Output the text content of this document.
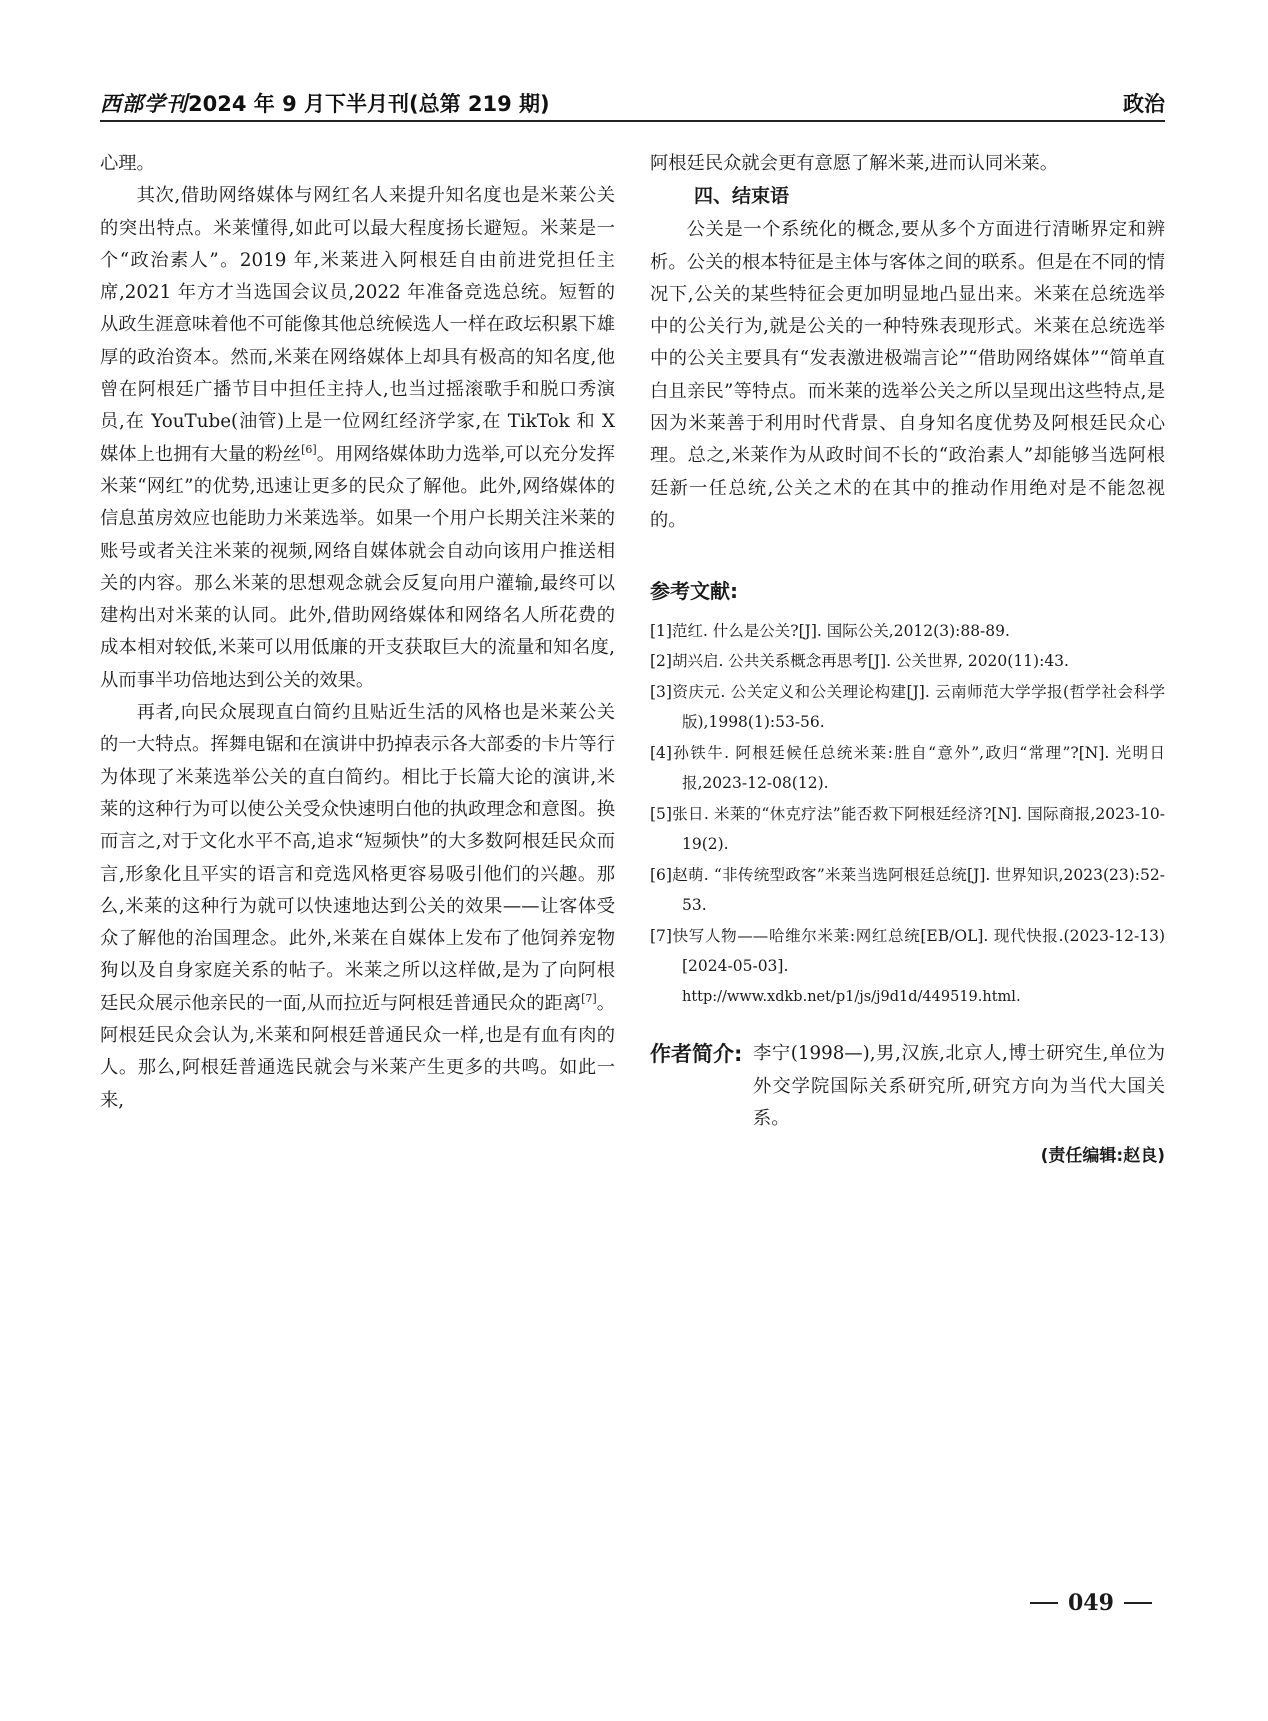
西部学刊 2024 年 9 月下半月刊(总第 219 期)	政治

心理。

其次,借助网络媒体与网红名人来提升知名度也是米莱公关的突出特点。米莱懂得,如此可以最大程度扬长避短。米莱是一个“政治素人”。2019 年,米莱进入阿根廷自由前进党担任主席,2021 年方才当选国会议员,2022 年准备竞选总统。短暂的从政生涯意味着他不可能像其他总统候选人一样在政坛积累下雄厚的政治资本。然而,米莱在网络媒体上却具有极高的知名度,他曾在阿根廷广播节目中担任主持人,也当过摇滚歌手和脱口秀演员,在 YouTube(油管)上是一位网红经济学家,在 TikTok 和 X 媒体上也拥有大量的粉丝[6]。用网络媒体助力选举,可以充分发挥米莱“网红”的优势,迅速让更多的民众了解他。此外,网络媒体的信息茧房效应也能助力米莱选举。如果一个用户长期关注米莱的账号或者关注米莱的视频,网络自媒体就会自动向该用户推送相关的内容。那么米莱的思想观念就会反复向用户灌输,最终可以建构出对米莱的认同。此外,借助网络媒体和网络名人所花费的成本相对较低,米莱可以用低廉的开支获取巨大的流量和知名度,从而事半功倍地达到公关的效果。

再者,向民众展现直白简约且贴近生活的风格也是米莱公关的一大特点。挥舞电锯和在演讲中扔掉表示各大部委的卡片等行为体现了米莱选举公关的直白简约。相比于长篇大论的演讲,米莱的这种行为可以使公关受众快速明白他的执政理念和意图。换而言之,对于文化水平不高,追求“短频快”的大多数阿根廷民众而言,形象化且平实的语言和竞选风格更容易吸引他们的兴趣。那么,米莱的这种行为就可以快速地达到公关的效果——让客体受众了解他的治国理念。此外,米莱在自媒体上发布了他饲养宠物狗以及自身家庭关系的帖子。米莱之所以这样做,是为了向阿根廷民众展示他亲民的一面,从而拉近与阿根廷普通民众的距离[7]。阿根廷民众会认为,米莱和阿根廷普通民众一样,也是有血有肉的人。那么,阿根廷普通选民就会与米莱产生更多的共鸣。如此一来,

阿根廷民众就会更有意愿了解米莱,进而认同米莱。

四、结束语

公关是一个系统化的概念,要从多个方面进行清晰界定和辨析。公关的根本特征是主体与客体之间的联系。但是在不同的情况下,公关的某些特征会更加明显地凸显出来。米莱在总统选举中的公关行为,就是公关的一种特殊表现形式。米莱在总统选举中的公关主要具有“发表激进极端言论”“借助网络媒体”“简单直白且亲民”等特点。而米莱的选举公关之所以呈现出这些特点,是因为米莱善于利用时代背景、自身知名度优势及阿根廷民众心理。总之,米莱作为从政时间不长的“政治素人”却能够当选阿根廷新一任总统,公关之术的在其中的推动作用绝对是不能忽视的。

参考文献:
[1]范红. 什么是公关?[J]. 国际公关,2012(3):88-89.
[2]胡兴启. 公共关系概念再思考[J]. 公关世界, 2020(11):43.
[3]资庆元. 公关定义和公关理论构建[J]. 云南师范大学学报(哲学社会科学版),1998(1):53-56.
[4]孙铁牛. 阿根廷候任总统米莱:胜自“意外”,政归“常理”?[N]. 光明日报,2023-12-08(12).
[5]张日. 米莱的“休克疗法”能否救下阿根廷经济?[N]. 国际商报,2023-10-19(2).
[6]赵萌. “非传统型政客”米莱当选阿根廷总统[J]. 世界知识,2023(23):52-53.
[7]快写人物——哈维尔米莱:网红总统[EB/OL]. 现代快报.(2023-12-13)[2024-05-03].
http://www.xdkb.net/p1/js/j9d1d/449519.html.
作者简介: 李宁(1998—),男,汉族,北京人,博士研究生,单位为外交学院国际关系研究所,研究方向为当代大国关系。
(责任编辑:赵良)
049
